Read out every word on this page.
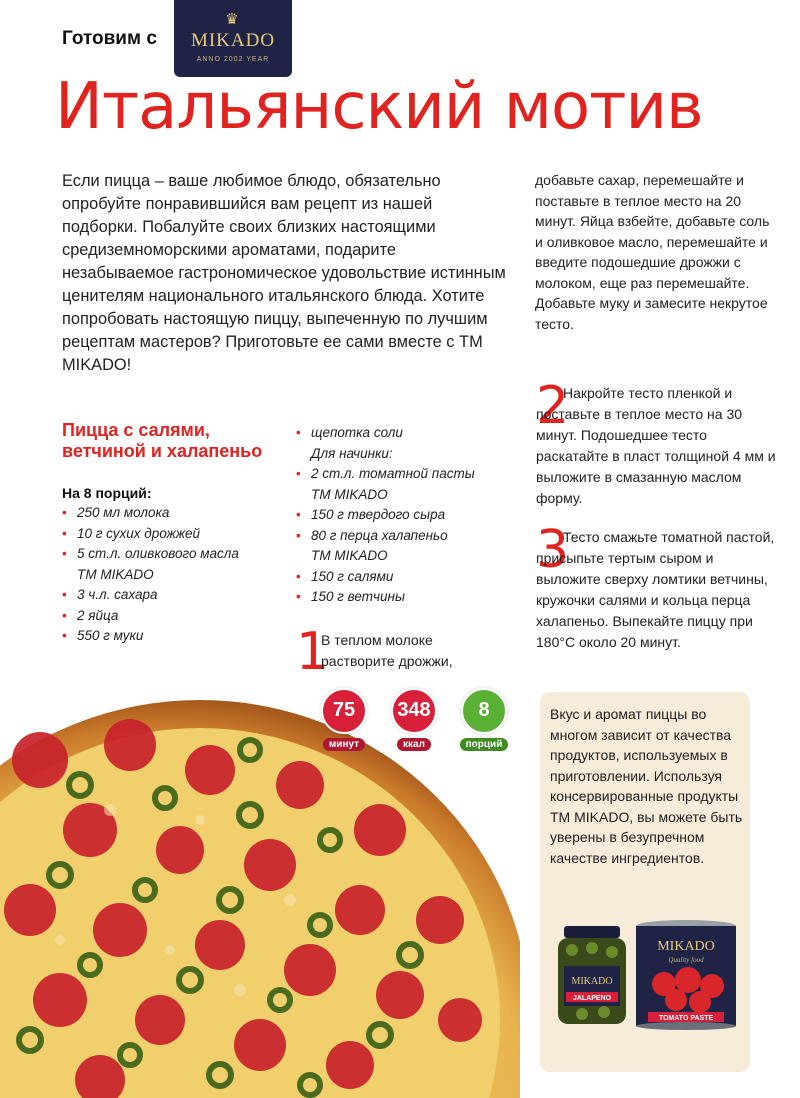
Готовим с
♛
MIKADO
ANNO 2002 YEAR
Итальянский мотив
Если пицца – ваше любимое блюдо, обязательно опробуйте понравившийся вам рецепт из нашей подборки. Побалуйте своих близких настоящими средиземноморскими ароматами, подарите незабываемое гастрономическое удовольствие истинным ценителям национального итальянского блюда. Хотите попробовать настоящую пиццу, выпеченную по лучшим рецептам мастеров? Приготовьте ее сами вместе с ТМ MIKADO!
Пицца с салями, ветчиной и халапеньо
На 8 порций:
• 250 мл молока
• 10 г сухих дрожжей
• 5 ст.л. оливкового масла
ТМ MIKADO
• 3 ч.л. сахара
• 2 яйца
• 550 г муки
• щепотка соли
Для начинки:
• 2 ст.л. томатной пасты
ТМ MIKADO
• 150 г твердого сыра
• 80 г перца халапеньо
ТМ MIKADO
• 150 г салями
• 150 г ветчины
1
В теплом молоке растворите дрожжи,
добавьте сахар, перемешайте и поставьте в теплое место на 20 минут. Яйца взбейте, добавьте соль и оливковое масло, перемешайте и введите подошедшие дрожжи с молоком, еще раз перемешайте. Добавьте муку и замесите некрутое тесто.
2
Накройте тесто пленкой и поставьте в теплое место на 30 минут. Подошедшее тесто раскатайте в пласт толщиной 4 мм и выложите в смазанную маслом форму.
3
Тесто смажьте томатной пастой, присыпьте тертым сыром и выложите сверху ломтики ветчины, кружочки салями и кольца перца халапеньо. Выпекайте пиццу при 180°С около 20 минут.
75
минут
348
ккал
8
порций
Вкус и аромат пиццы во многом зависит от качества продуктов, используемых в приготовлении. Используя консервированные продукты ТМ MIKADO, вы можете быть уверены в безупречном качестве ингредиентов.
MIKADO
JALAPENO
MIKADO
Quality food
TOMATO PASTE
